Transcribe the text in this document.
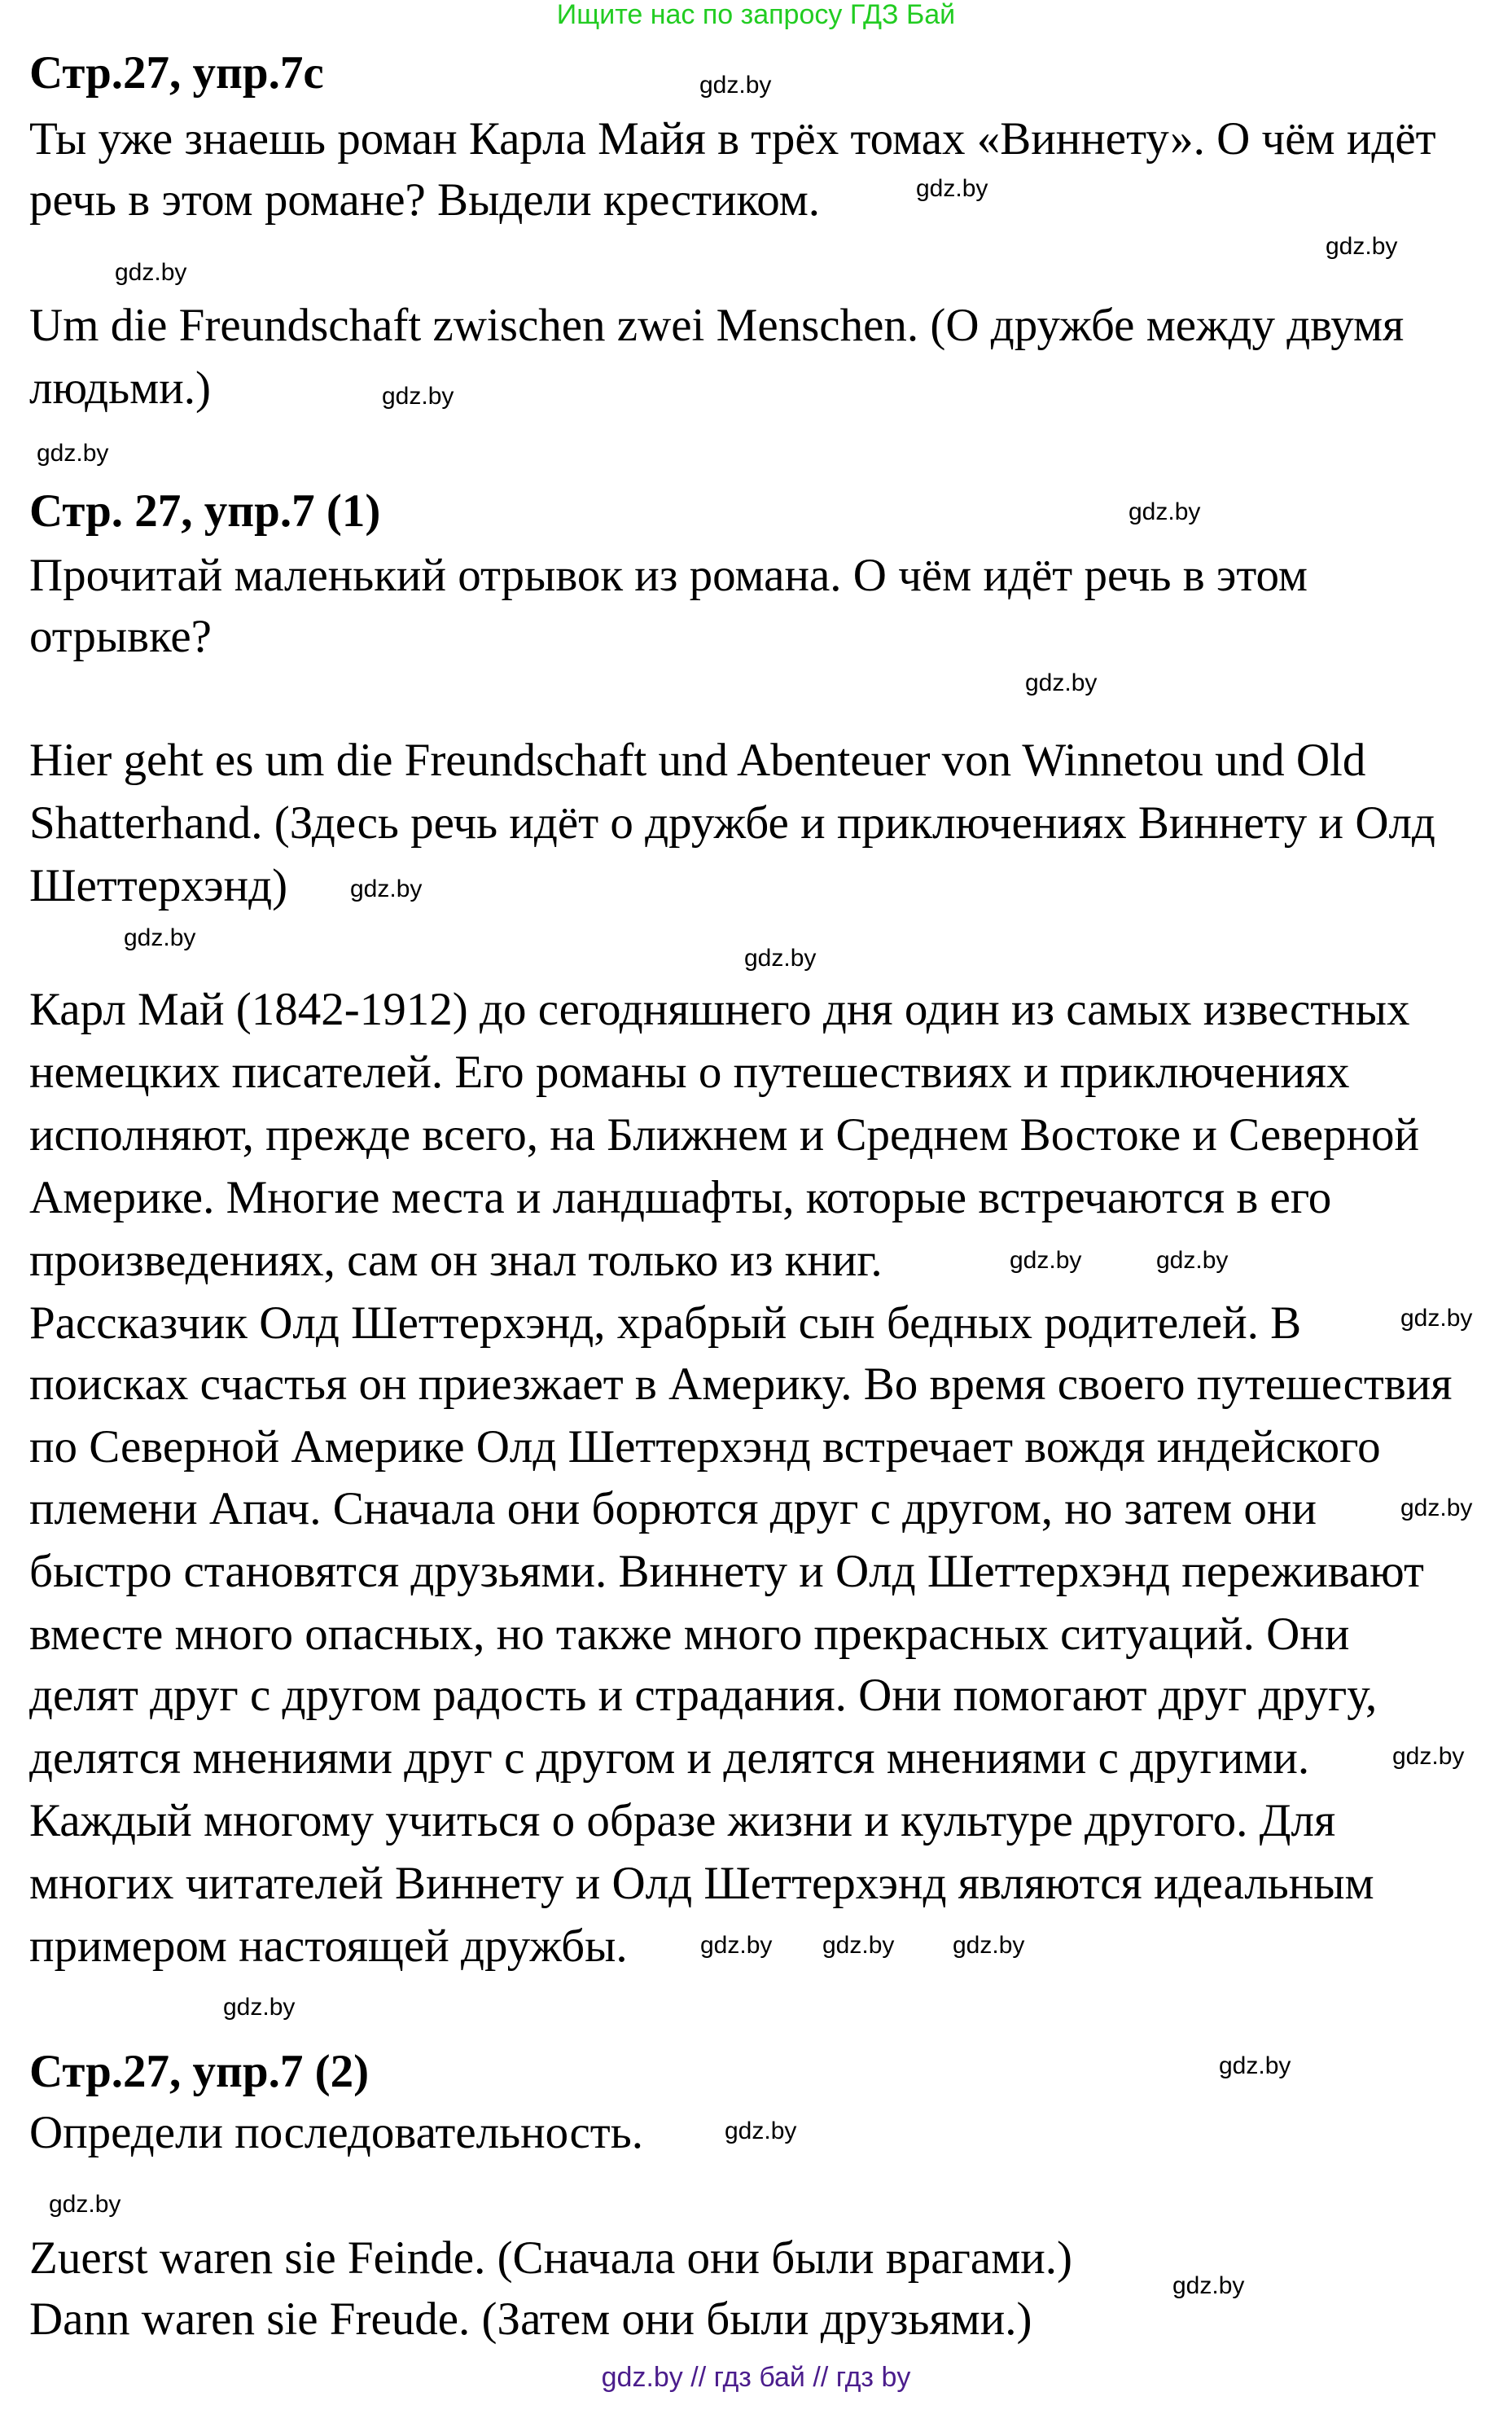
Ищите нас по запросу ГДЗ Бай
Стр.27, упр.7с
Ты уже знаешь роман Карла Майя в трёх томах «Виннету». О чём идёт
речь в этом романе? Выдели крестиком.
Um die Freundschaft zwischen zwei Menschen. (О дружбе между двумя
людьми.)
Стр. 27, упр.7 (1)
Прочитай маленький отрывок из романа. О чём идёт речь в этом
отрывке?
Hier geht es um die Freundschaft und Abenteuer von Winnetou und Old
Shatterhand. (Здесь речь идёт о дружбе и приключениях Виннету и Олд
Шеттерхэнд)
Карл Май (1842-1912) до сегодняшнего дня один из самых известных
немецких писателей. Его романы о путешествиях и приключениях
исполняют, прежде всего, на Ближнем и Среднем Востоке и Северной
Америке. Многие места и ландшафты, которые встречаются в его
произведениях, сам он знал только из книг.
Рассказчик Олд Шеттерхэнд, храбрый сын бедных родителей. В
поисках счастья он приезжает в Америку. Во время своего путешествия
по Северной Америке Олд Шеттерхэнд встречает вождя индейского
племени Апач. Сначала они борются друг с другом, но затем они
быстро становятся друзьями. Виннету и Олд Шеттерхэнд переживают
вместе много опасных, но также много прекрасных ситуаций. Они
делят друг с другом радость и страдания. Они помогают друг другу,
делятся мнениями друг с другом и делятся мнениями с другими.
Каждый многому учиться о образе жизни и культуре другого. Для
многих читателей Виннету и Олд Шеттерхэнд являются идеальным
примером настоящей дружбы.
Стр.27, упр.7 (2)
Определи последовательность.
Zuerst waren sie Feinde. (Сначала они были врагами.)
Dann waren sie Freude. (Затем они были друзьями.)
gdz.by
gdz.by
gdz.by
gdz.by
gdz.by
gdz.by
gdz.by
gdz.by
gdz.by
gdz.by
gdz.by
gdz.by
gdz.by
gdz.by
gdz.by
gdz.by
gdz.by
gdz.by
gdz.by
gdz.by
gdz.by
gdz.by
gdz.by
gdz.by
gdz.by // гдз бай // гдз by
